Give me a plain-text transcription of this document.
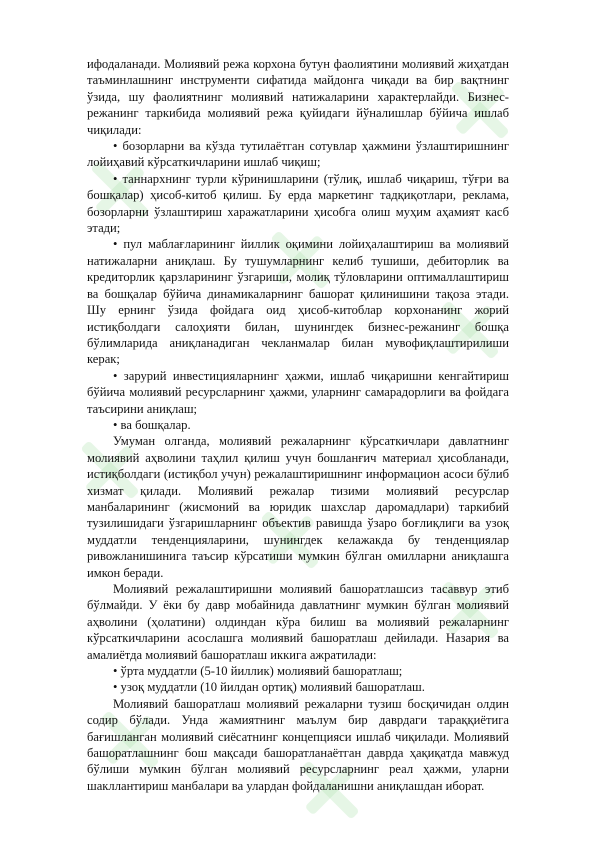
ифодаланади. Молиявий режа корхона бутун фаолиятини молиявий жиҳатдан таъминлашнинг инструменти сифатида майдонга чиқади ва бир вақтнинг ўзида, шу фаолиятнинг молиявий натижаларини характерлайди. Бизнес-режанинг таркибида молиявий режа қуйидаги йўналишлар бўйича ишлаб чиқилади:

• бозорларни ва кўзда тутилаётган сотувлар ҳажмини ўзлаштиришнинг лойиҳавий кўрсаткичларини ишлаб чиқиш;

• таннархнинг турли кўринишларини (тўлиқ, ишлаб чиқариш, тўғри ва бошқалар) ҳисоб-китоб қилиш. Бу ерда маркетинг тадқиқотлари, реклама, бозорларни ўзлаштириш харажатларини ҳисобга олиш муҳим аҳамият касб этади;

• пул маблағларининг йиллик оқимини лойиҳалаштириш ва молиявий натижаларни аниқлаш. Бу тушумларнинг келиб тушиши, дебиторлик ва кредиторлик қарзларининг ўзгариши, молиқ тўловларини оптималлаштириш ва бошқалар бўйича динамикаларнинг башорат қилинишини тақоза этади. Шу ернинг ўзида фойдага оид ҳисоб-китоблар корхонанинг жорий истиқболдаги салоҳияти билан, шунингдек бизнес-режанинг бошқа бўлимларида аниқланадиган чекланмалар билан мувофиқлаштирилиши керак;

• зарурий инвестицияларнинг ҳажми, ишлаб чиқаришни кенгайтириш бўйича молиявий ресурсларнинг ҳажми, уларнинг самарадорлиги ва фойдага таъсирини аниқлаш;

• ва бошқалар.

Умуман олганда, молиявий режаларнинг кўрсаткичлари давлатнинг молиявий аҳволини таҳлил қилиш учун бошланғич материал ҳисобланади, истиқболдаги (истиқбол учун) режалаштиришнинг информацион асоси бўлиб хизмат қилади. Молиявий режалар тизими молиявий ресурслар манбаларининг (жисмоний ва юридик шахслар даромадлари) таркибий тузилишидаги ўзгаришларнинг объектив равишда ўзаро боғлиқлиги ва узоқ муддатли тенденцияларини, шунингдек келажакда бу тенденциялар ривожланишинига таъсир кўрсатиши мумкин бўлган омилларни аниқлашга имкон беради.

Молиявий режалаштиришни молиявий башоратлашсиз тасаввур этиб бўлмайди. У ёки бу давр мобайнида давлатнинг мумкин бўлган молиявий аҳволини (ҳолатини) олдиндан кўра билиш ва молиявий режаларнинг кўрсаткичларини асослашга молиявий башоратлаш дейилади. Назария ва амалиётда молиявий башоратлаш иккига ажратилади:

• ўрта муддатли (5-10 йиллик) молиявий башоратлаш;

• узоқ муддатли (10 йилдан ортиқ) молиявий башоратлаш.

Молиявий башоратлаш молиявий режаларни тузиш босқичидан олдин содир бўлади. Унда жамиятнинг маълум бир даврдаги тараққиётига бағишланган молиявий сиёсатнинг концепцияси ишлаб чиқилади. Молиявий башоратлашнинг бош мақсади башоратланаётган даврда ҳақиқатда мавжуд бўлиши мумкин бўлган молиявий ресурсларнинг реал ҳажми, уларни шакллантириш манбалари ва улардан фойдаланишни аниқлашдан иборат.
